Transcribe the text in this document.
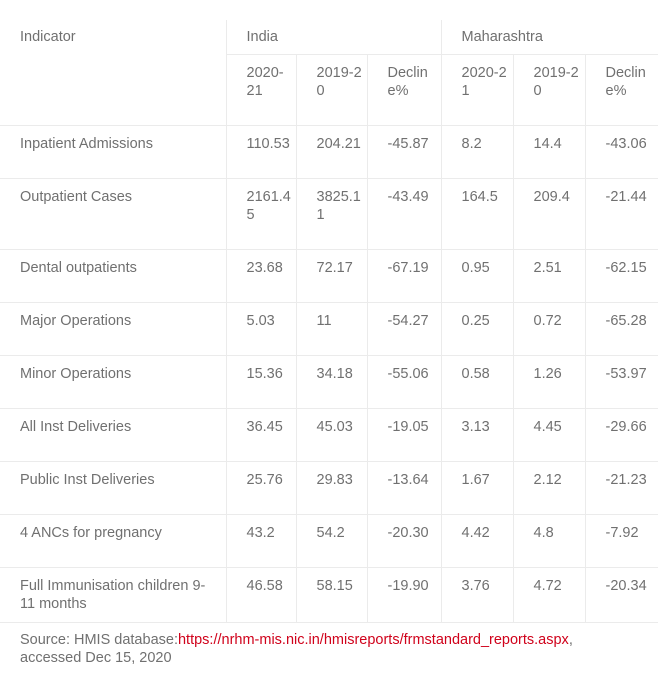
Indicator	India			Maharashtra		
	2020-21	2019-20	Decline%	2020-21	2019-20	Decline%
Inpatient Admissions	110.53	204.21	-45.87	8.2	14.4	-43.06
Outpatient Cases	2161.45	3825.11	-43.49	164.5	209.4	-21.44
Dental outpatients	23.68	72.17	-67.19	0.95	2.51	-62.15
Major Operations	5.03	11	-54.27	0.25	0.72	-65.28
Minor Operations	15.36	34.18	-55.06	0.58	1.26	-53.97
All Inst Deliveries	36.45	45.03	-19.05	3.13	4.45	-29.66
Public Inst Deliveries	25.76	29.83	-13.64	1.67	2.12	-21.23
4 ANCs for pregnancy	43.2	54.2	-20.30	4.42	4.8	-7.92
Full Immunisation children 9-11 months	46.58	58.15	-19.90	3.76	4.72	-20.34
Source: HMIS database:https://nrhm-mis.nic.in/hmisreports/frmstandard_reports.aspx, accessed Dec 15, 2020
